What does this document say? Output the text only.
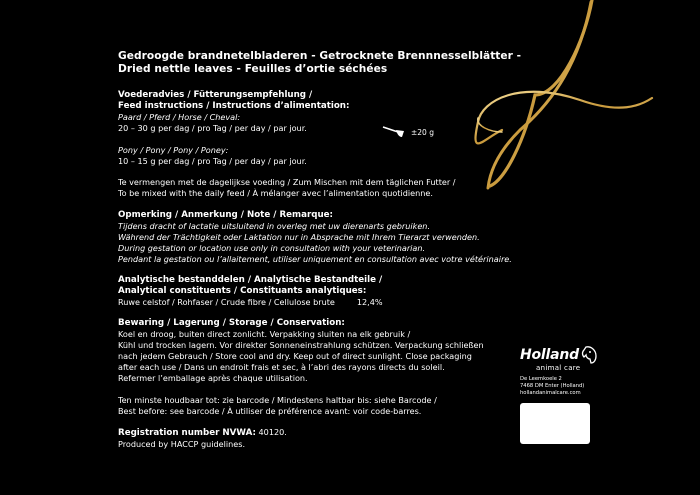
Gedroogde brandnetelbladeren - Getrocknete Brennnesselblätter -
Dried nettle leaves - Feuilles d’ortie séchées
Voederadvies / Fütterungsempfehlung /
Feed instructions / Instructions d’alimentation:
Paard / Pferd / Horse / Cheval:
20 – 30 g per dag / pro Tag / per day / par jour.
Pony / Pony / Pony / Poney:
10 – 15 g per dag / pro Tag / per day / par jour.
Te vermengen met de dagelijkse voeding / Zum Mischen mit dem täglichen Futter /
To be mixed with the daily feed / À mélanger avec l’alimentation quotidienne.
Opmerking / Anmerkung / Note / Remarque:
Tijdens dracht of lactatie uitsluitend in overleg met uw dierenarts gebruiken.
Während der Trächtigkeit oder Laktation nur in Absprache mit Ihrem Tierarzt verwenden.
During gestation or location use only in consultation with your veterinarian.
Pendant la gestation ou l’allaitement, utiliser uniquement en consultation avec votre vétérinaire.
Analytische bestanddelen / Analytische Bestandteile /
Analytical constituents / Constituants analytiques:
Ruwe celstof / Rohfaser / Crude fibre / Cellulose brute	12,4%
Bewaring / Lagerung / Storage / Conservation:
Koel en droog, buiten direct zonlicht. Verpakking sluiten na elk gebruik /
Kühl und trocken lagern. Vor direkter Sonneneinstrahlung schützen. Verpackung schließen
nach jedem Gebrauch / Store cool and dry. Keep out of direct sunlight. Close packaging
after each use / Dans un endroit frais et sec, à l’abri des rayons directs du soleil.
Refermer l’emballage après chaque utilisation.
Ten minste houdbaar tot: zie barcode / Mindestens haltbar bis: siehe Barcode /
Best before: see barcode / À utiliser de préférence avant: voir code-barres.
Registration number NVWA: 40120.
Produced by HACCP guidelines.
±20 g
Holland
animal care
De Leemkoele 2
7468 DM Enter (Holland)
hollandanimalcare.com
